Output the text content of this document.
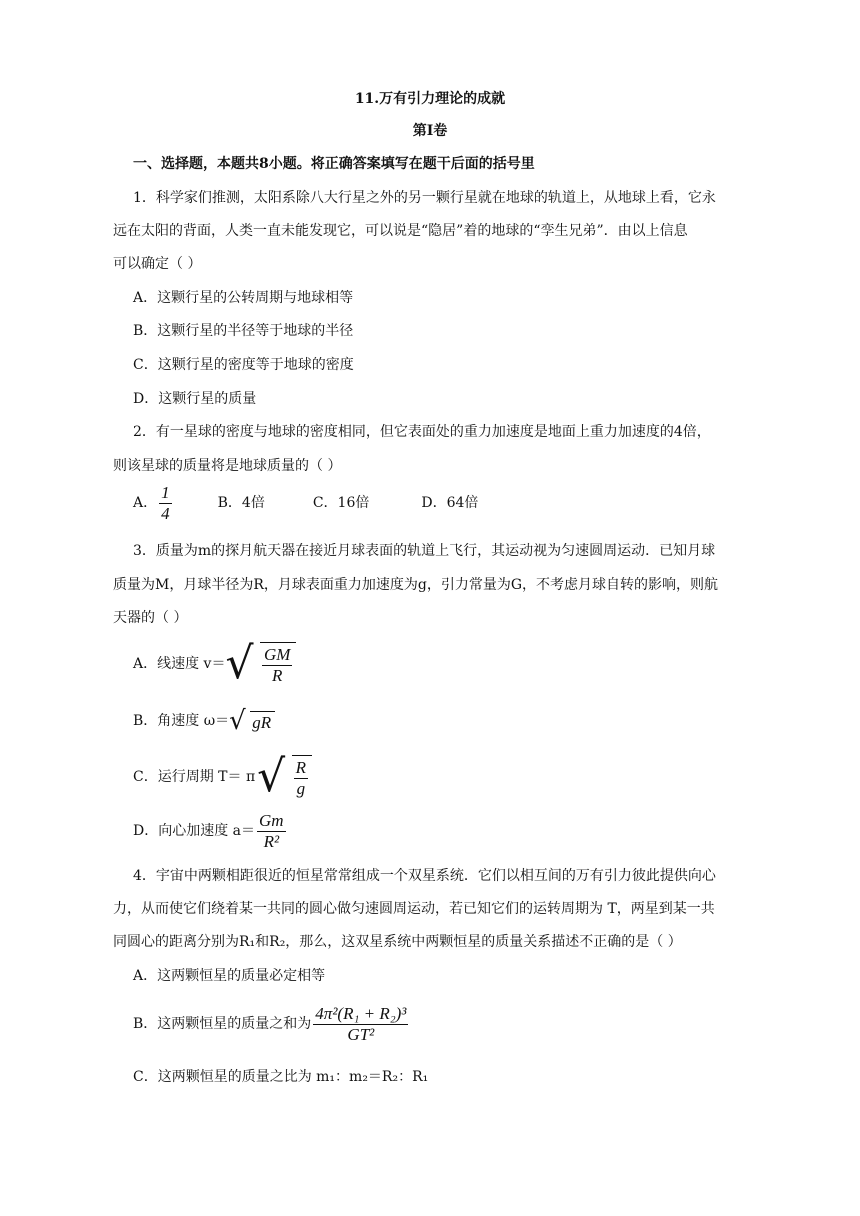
11.万有引力理论的成就
第Ⅰ卷
一、选择题，本题共8小题。将正确答案填写在题干后面的括号里
1．科学家们推测，太阳系除八大行星之外的另一颗行星就在地球的轨道上，从地球上看，它永
远在太阳的背面，人类一直未能发现它，可以说是“隐居”着的地球的“孪生兄弟”．由以上信息
可以确定（ ）
A．这颗行星的公转周期与地球相等
B．这颗行星的半径等于地球的半径
C．这颗行星的密度等于地球的密度
D．这颗行星的质量
2．有一星球的密度与地球的密度相同，但它表面处的重力加速度是地面上重力加速度的4倍，
则该星球的质量将是地球质量的（ ）
A． $\frac{1}{4}$	B．4倍	C．16倍	D．64倍
3．质量为m的探月航天器在接近月球表面的轨道上飞行，其运动视为匀速圆周运动．已知月球
质量为M，月球半径为R，月球表面重力加速度为g，引力常量为G，不考虑月球自转的影响，则航
天器的（ ）
A．线速度 v＝ √ $\frac{GM}{R}$
B．角速度 ω＝ √ gR
C．运行周期 T＝ π √ $\frac{R}{g}$
D．向心加速度 $a= \frac{Gm}{\text{R²}}$
4．宇宙中两颗相距很近的恒星常常组成一个双星系统．它们以相互间的万有引力彼此提供向心
力，从而使它们绕着某一共同的圆心做匀速圆周运动，若已知它们的运转周期为 T，两星到某一共
同圆心的距离分别为R₁和R₂，那么，这双星系统中两颗恒星的质量关系描述不正确的是（ ）
A．这两颗恒星的质量必定相等
B．这两颗恒星的质量之和为 $\frac{\text{4π²(R₁ + R₂)³}}{\text{GT²}}$
C．这两颗恒星的质量之比为 m₁：m₂＝R₂：R₁
